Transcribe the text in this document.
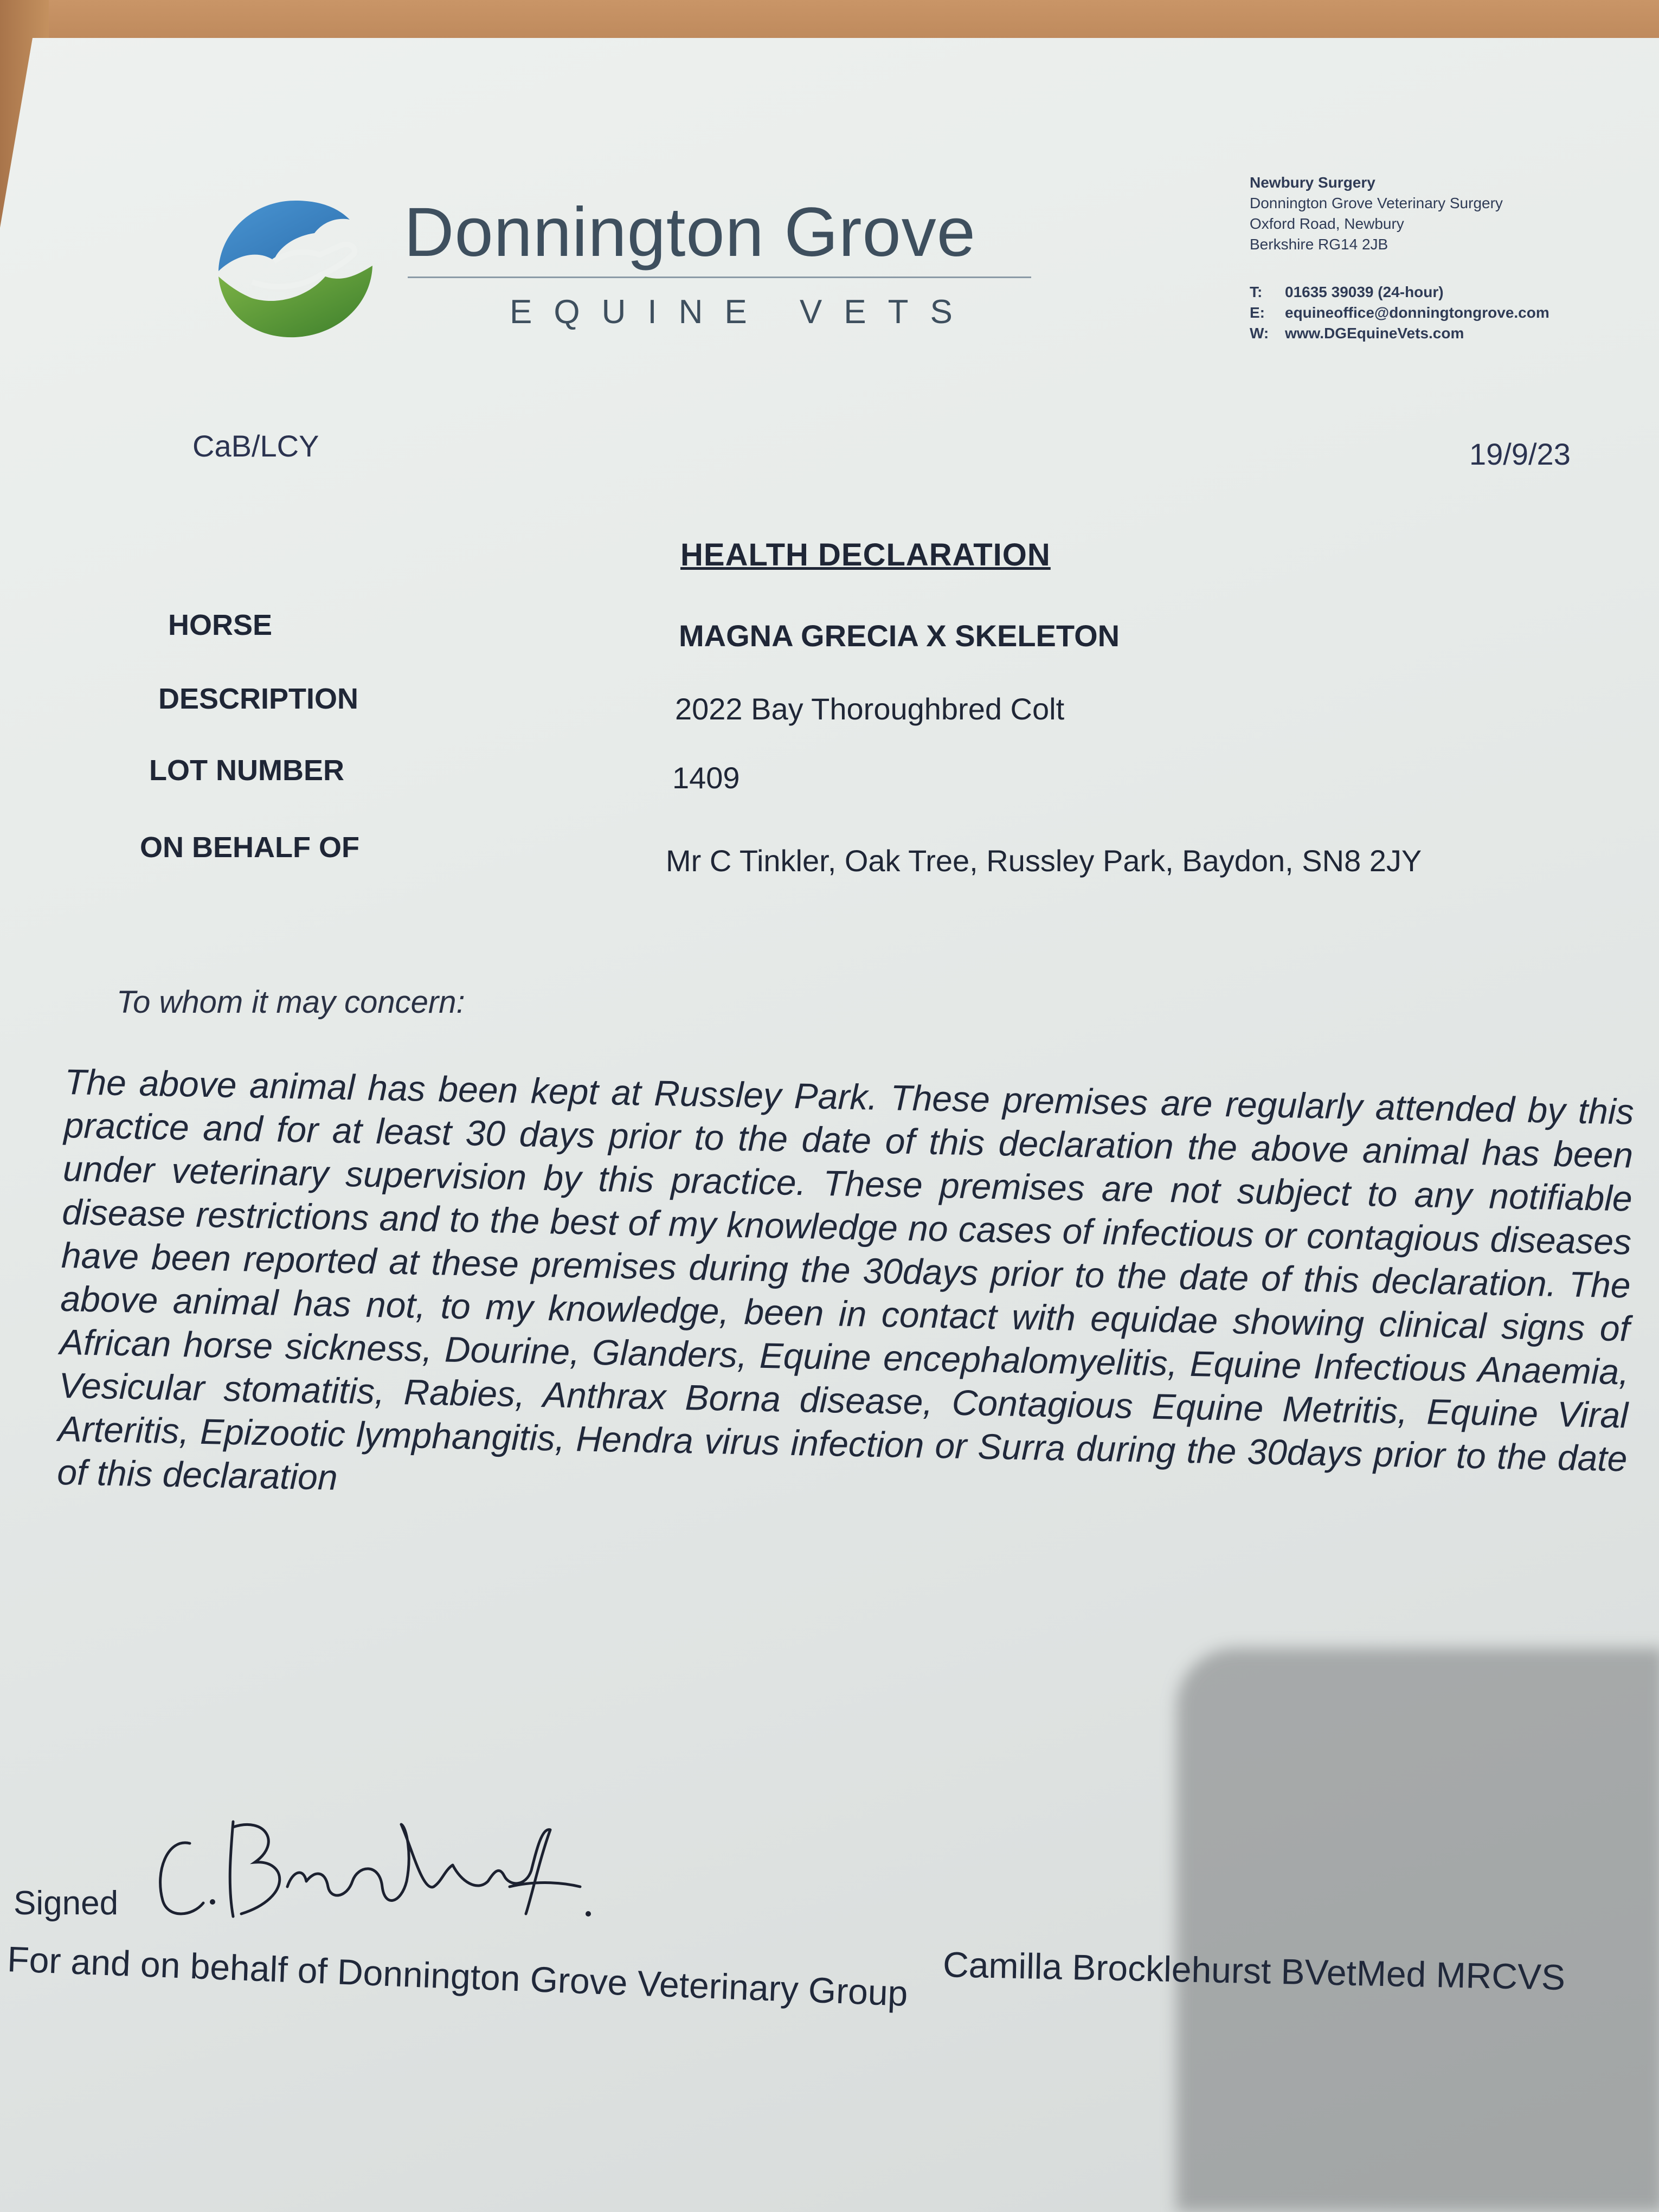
Donnington Grove
EQUINE VETS
Newbury Surgery
Donnington Grove Veterinary Surgery
Oxford Road, Newbury
Berkshire RG14 2JB
T:	01635 39039 (24-hour)
E:	equineoffice@donningtongrove.com
W:	www.DGEquineVets.com
CaB/LCY	19/9/23
HEALTH DECLARATION
HORSE	MAGNA GRECIA X SKELETON
DESCRIPTION	2022 Bay Thoroughbred Colt
LOT NUMBER	1409
ON BEHALF OF	Mr C Tinkler, Oak Tree, Russley Park, Baydon, SN8 2JY
To whom it may concern:
The above animal has been kept at Russley Park. These premises are regularly attended by this practice and for at least 30 days prior to the date of this declaration the above animal has been under veterinary supervision by this practice. These premises are not subject to any notifiable disease restrictions and to the best of my knowledge no cases of infectious or contagious diseases have been reported at these premises during the 30days prior to the date of this declaration. The above animal has not, to my knowledge, been in contact with equidae showing clinical signs of African horse sickness, Dourine, Glanders, Equine encephalomyelitis, Equine Infectious Anaemia, Vesicular stomatitis, Rabies, Anthrax Borna disease, Contagious Equine Metritis, Equine Viral Arteritis, Epizootic lymphangitis, Hendra virus infection or Surra during the 30days prior to the date of this declaration
Signed
For and on behalf of Donnington Grove Veterinary Group Camilla Brocklehurst BVetMed MRCVS
